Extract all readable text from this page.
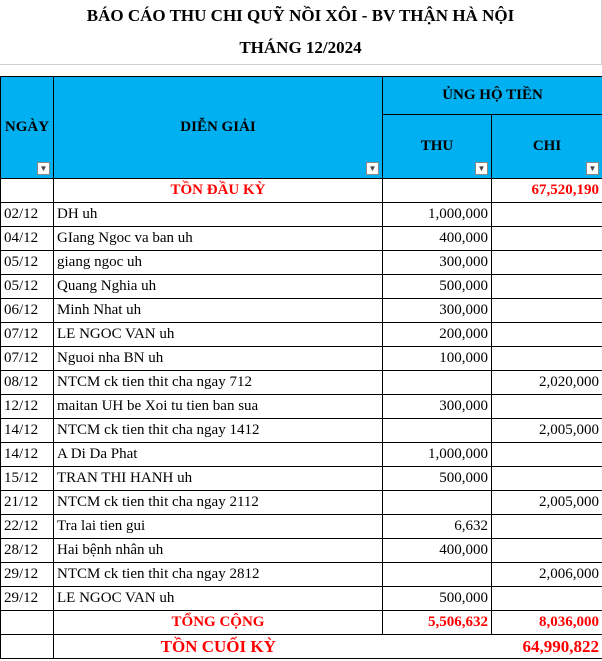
BÁO CÁO THU CHI QUỸ NỒI XÔI - BV THẬN HÀ NỘI
THÁNG 12/2024
NGÀY
▼	DIỄN GIẢI
▼	ỦNG HỘ TIỀN	
		THU
▼	CHI
▼

	TỒN ĐẦU KỲ		67,520,190
02/12	DH uh	1,000,000	
04/12	GIang Ngoc va ban uh	400,000	
05/12	giang ngoc uh	300,000	
05/12	Quang Nghia uh	500,000	
06/12	Minh Nhat uh	300,000	
07/12	LE NGOC VAN uh	200,000	
07/12	Nguoi nha BN uh	100,000	
08/12	NTCM ck tien thit cha ngay 712		2,020,000
12/12	maitan UH be Xoi tu tien ban sua	300,000	
14/12	NTCM ck tien thit cha ngay 1412		2,005,000
14/12	A Di Da Phat	1,000,000	
15/12	TRAN THI HANH uh	500,000	
21/12	NTCM ck tien thit cha ngay 2112		2,005,000
22/12	Tra lai tien gui	6,632	
28/12	Hai bệnh nhân uh	400,000	
29/12	NTCM ck tien thit cha ngay 2812		2,006,000
29/12	LE NGOC VAN uh	500,000	
	TỔNG CỘNG	5,506,632	8,036,000
	TỒN CUỐI KỲ		64,990,822
